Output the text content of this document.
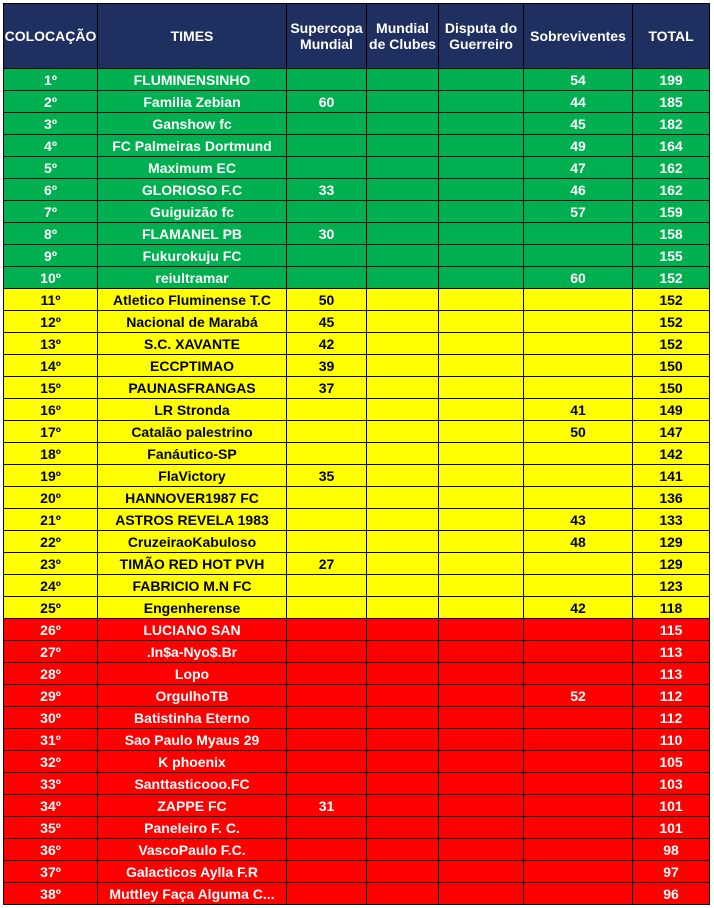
COLOCAÇÃO	TIMES	Supercopa Mundial	Mundial de Clubes	Disputa do Guerreiro	Sobreviventes	TOTAL
1º	FLUMINENSINHO				54	199
2º	Familia Zebian	60			44	185
3º	Ganshow fc				45	182
4º	FC Palmeiras Dortmund				49	164
5º	Maximum EC				47	162
6º	GLORIOSO F.C	33			46	162
7º	Guiguizão fc				57	159
8º	FLAMANEL PB	30				158
9º	Fukurokuju FC					155
10º	reiultramar				60	152
11º	Atletico Fluminense T.C	50				152
12º	Nacional de Marabá	45				152
13º	S.C. XAVANTE	42				152
14º	ECCPTIMAO	39				150
15º	PAUNASFRANGAS	37				150
16º	LR Stronda				41	149
17º	Catalão palestrino				50	147
18º	Fanáutico-SP					142
19º	FlaVictory	35				141
20º	HANNOVER1987 FC					136
21º	ASTROS REVELA 1983				43	133
22º	CruzeiraoKabuloso				48	129
23º	TIMÃO RED HOT PVH	27				129
24º	FABRICIO M.N FC					123
25º	Engenherense				42	118
26º	LUCIANO SAN					115
27º	.In$a-Nyo$.Br					113
28º	Lopo					113
29º	OrgulhoTB				52	112
30º	Batistinha Eterno					112
31º	Sao Paulo Myaus 29					110
32º	K phoenix					105
33º	Santtasticooo.FC					103
34º	ZAPPE FC	31				101
35º	Paneleiro F. C.					101
36º	VascoPaulo F.C.					98
37º	Galacticos Aylla F.R					97
38º	Muttley Faça Alguma C...					96
